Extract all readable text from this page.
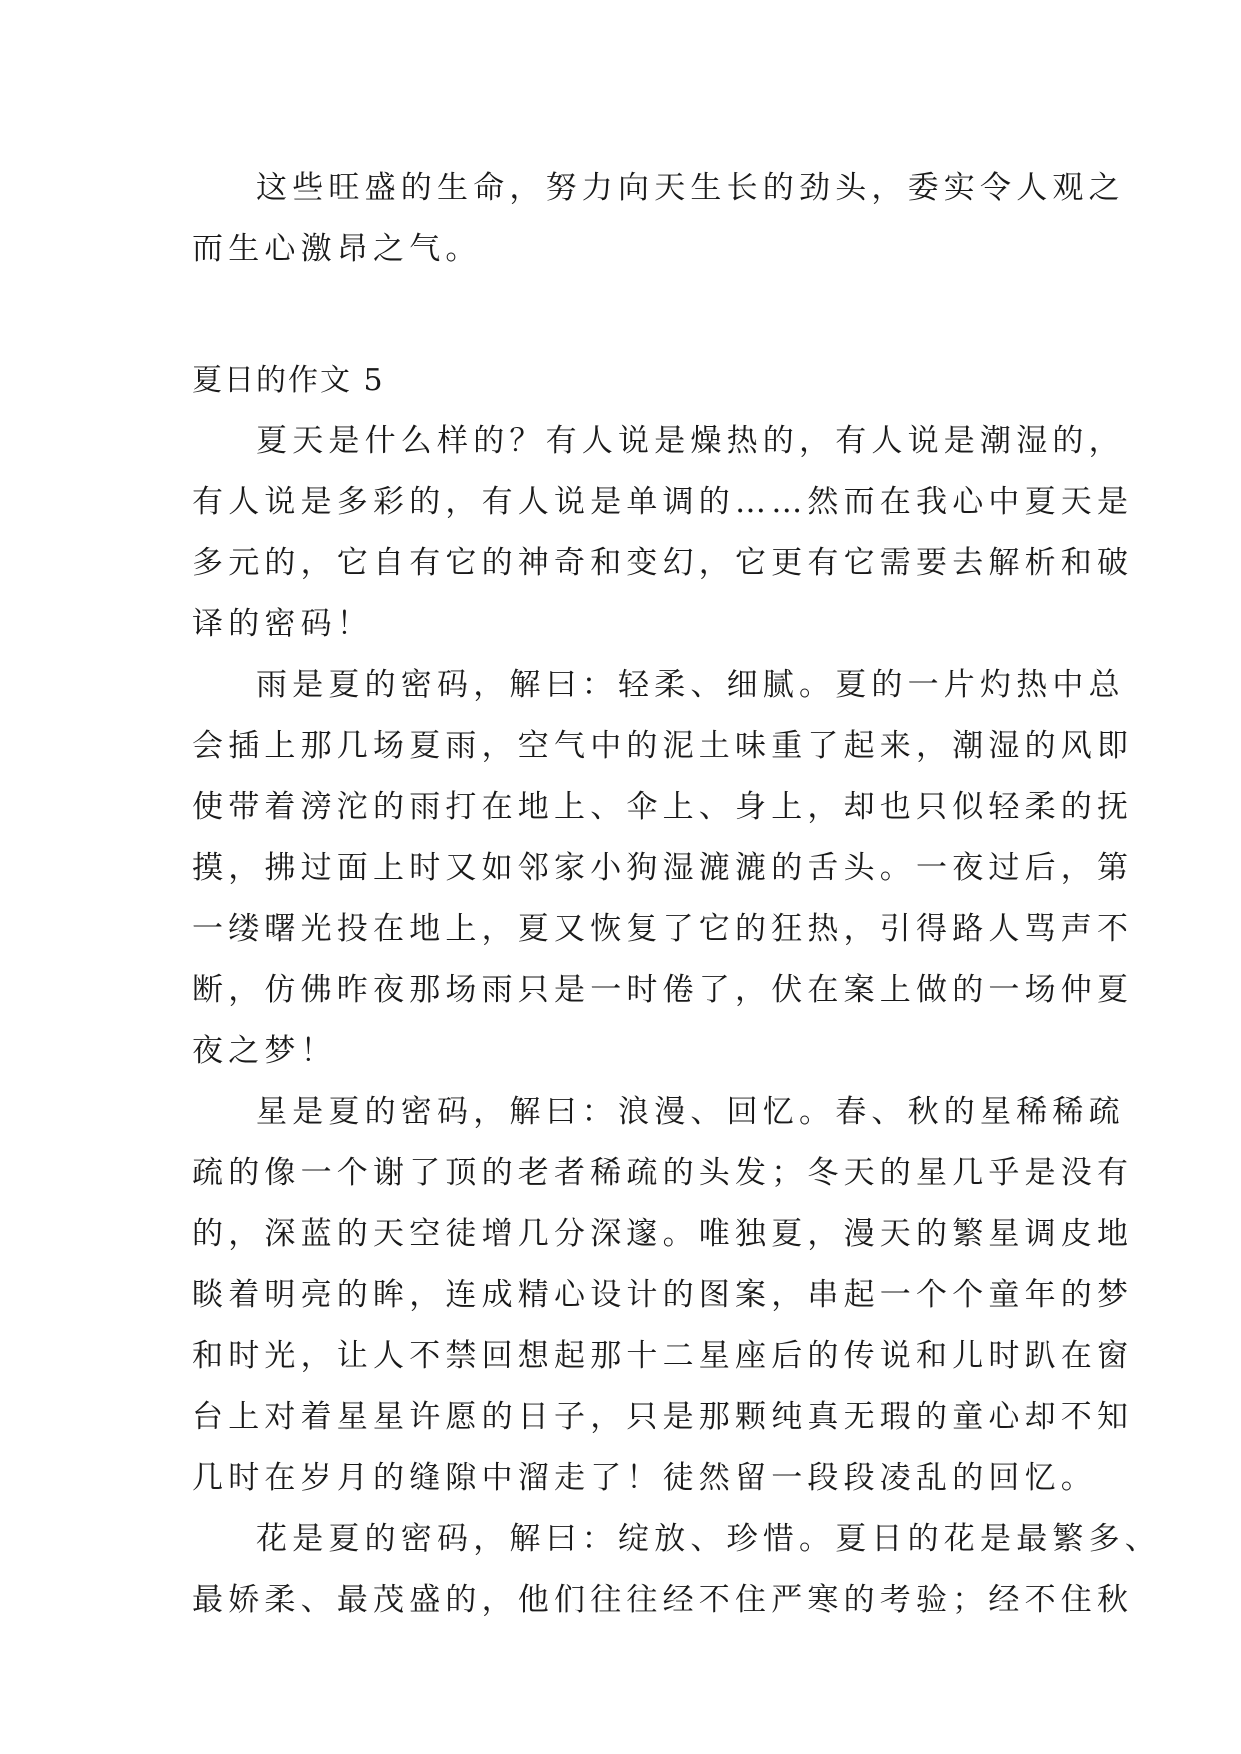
这些旺盛的生命，努力向天生长的劲头，委实令人观之
而生心激昂之气。

夏日的作文 5

夏天是什么样的？有人说是燥热的，有人说是潮湿的，
有人说是多彩的，有人说是单调的……然而在我心中夏天是
多元的，它自有它的神奇和变幻，它更有它需要去解析和破
译的密码！

雨是夏的密码，解曰：轻柔、细腻。夏的一片灼热中总
会插上那几场夏雨，空气中的泥土味重了起来，潮湿的风即
使带着滂沱的雨打在地上、伞上、身上，却也只似轻柔的抚
摸，拂过面上时又如邻家小狗湿漉漉的舌头。一夜过后，第
一缕曙光投在地上，夏又恢复了它的狂热，引得路人骂声不
断，仿佛昨夜那场雨只是一时倦了，伏在案上做的一场仲夏
夜之梦！

星是夏的密码，解曰：浪漫、回忆。春、秋的星稀稀疏
疏的像一个谢了顶的老者稀疏的头发；冬天的星几乎是没有
的，深蓝的天空徒增几分深邃。唯独夏，漫天的繁星调皮地
睒着明亮的眸，连成精心设计的图案，串起一个个童年的梦
和时光，让人不禁回想起那十二星座后的传说和儿时趴在窗
台上对着星星许愿的日子，只是那颗纯真无瑕的童心却不知
几时在岁月的缝隙中溜走了！徒然留一段段凌乱的回忆。

花是夏的密码，解曰：绽放、珍惜。夏日的花是最繁多、
最娇柔、最茂盛的，他们往往经不住严寒的考验；经不住秋
